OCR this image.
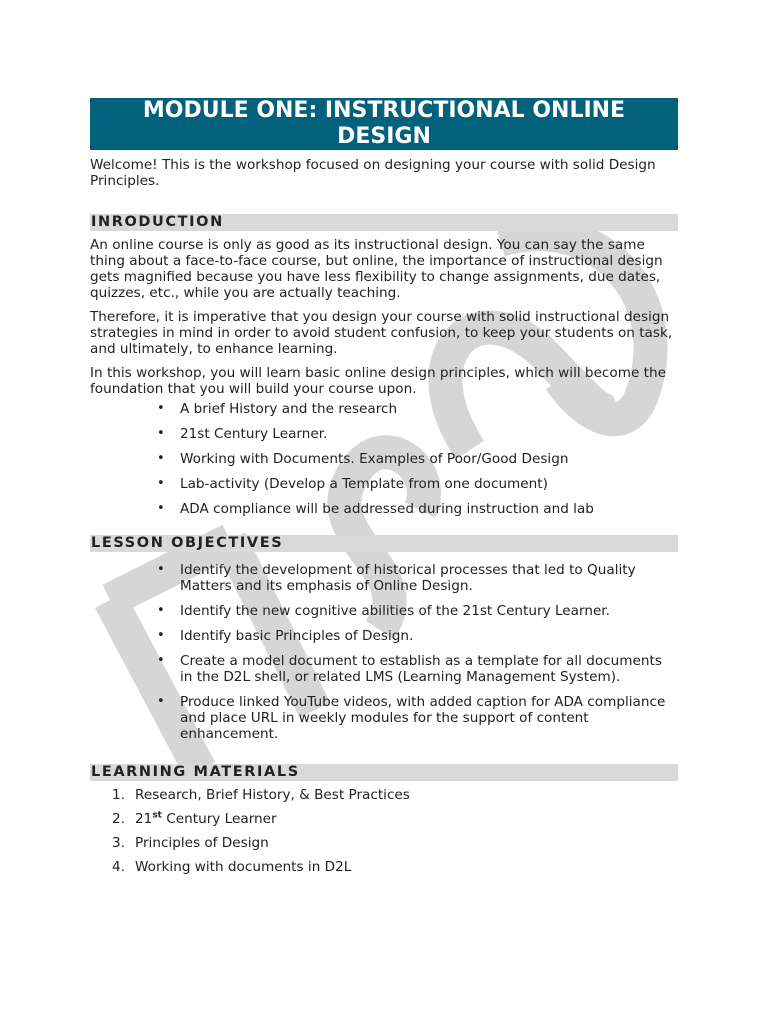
MODULE ONE: INSTRUCTIONAL ONLINE DESIGN

Welcome! This is the workshop focused on designing your course with solid Design Principles.

INRODUCTION

An online course is only as good as its instructional design. You can say the same thing about a face-to-face course, but online, the importance of instructional design gets magnified because you have less flexibility to change assignments, due dates, quizzes, etc., while you are actually teaching.

Therefore, it is imperative that you design your course with solid instructional design strategies in mind in order to avoid student confusion, to keep your students on task, and ultimately, to enhance learning.

In this workshop, you will learn basic online design principles, which will become the foundation that you will build your course upon.

• A brief History and the research
• 21st Century Learner.
• Working with Documents. Examples of Poor/Good Design
• Lab-activity (Develop a Template from one document)
• ADA compliance will be addressed during instruction and lab
LESSON OBJECTIVES
• Identify the development of historical processes that led to Quality Matters and its emphasis of Online Design.
• Identify the new cognitive abilities of the 21st Century Learner.
• Identify basic Principles of Design.
• Create a model document to establish as a template for all documents in the D2L shell, or related LMS (Learning Management System).
• Produce linked YouTube videos, with added caption for ADA compliance and place URL in weekly modules for the support of content enhancement.
LEARNING MATERIALS
1. Research, Brief History, & Best Practices
2. 21st Century Learner
3. Principles of Design
4. Working with documents in D2L
